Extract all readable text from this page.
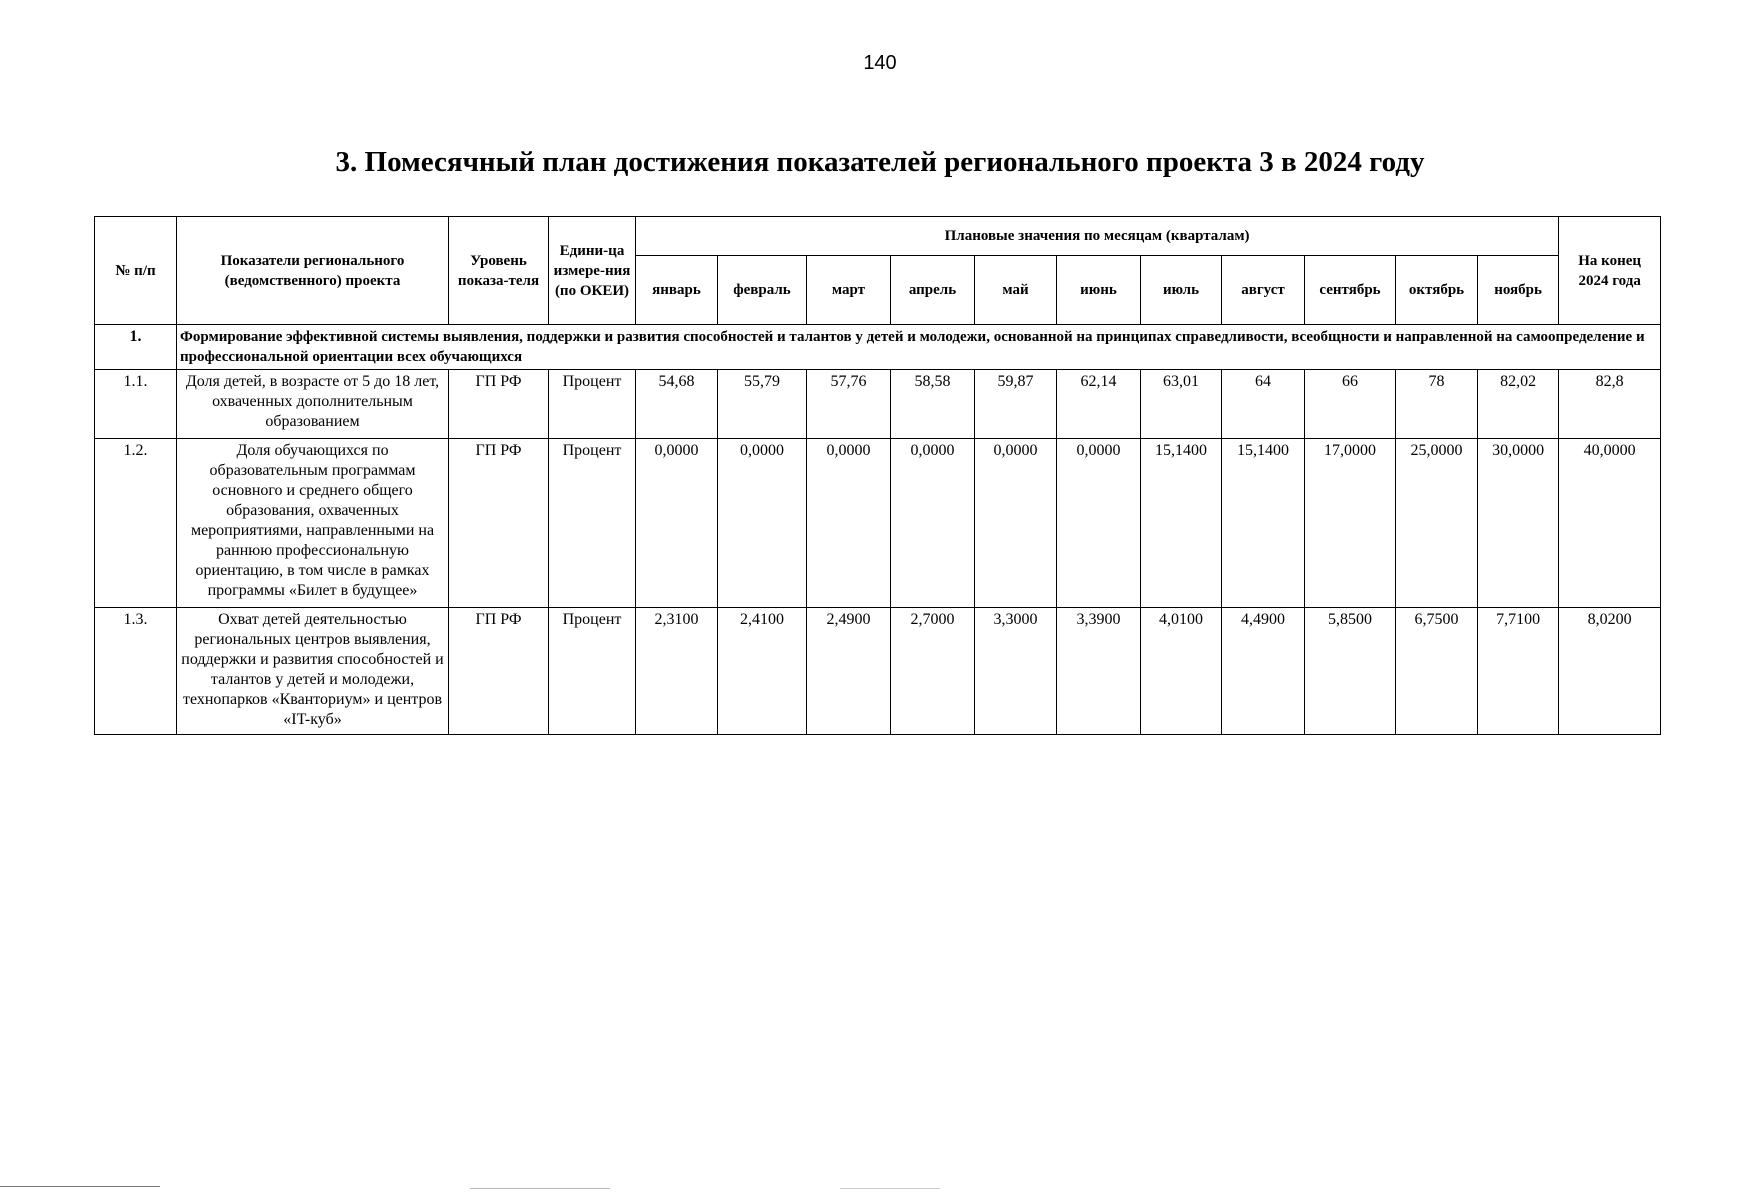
140
3. Помесячный план достижения показателей регионального проекта 3 в 2024 году
№ п/п	Показатели регионального (ведомственного) проекта	Уровень показа-теля	Едини-ца измере-ния (по ОКЕИ)	Плановые значения по месяцам (кварталам)											На конец 2024 года
				январь	февраль	март	апрель	май	июнь	июль	август	сентябрь	октябрь	ноябрь	
1.	Формирование эффективной системы выявления, поддержки и развития способностей и талантов у детей и молодежи, основанной на принципах справедливости, всеобщности и направленной на самоопределение и профессиональной ориентации всех обучающихся														
1.1.	Доля детей, в возрасте от 5 до 18 лет, охваченных дополнительным образованием	ГП РФ	Процент	54,68	55,79	57,76	58,58	59,87	62,14	63,01	64	66	78	82,02	82,8
1.2.	Доля обучающихся по образовательным программам основного и среднего общего образования, охваченных мероприятиями, направленными на раннюю профессиональную ориентацию, в том числе в рамках программы «Билет в будущее»	ГП РФ	Процент	0,0000	0,0000	0,0000	0,0000	0,0000	0,0000	15,1400	15,1400	17,0000	25,0000	30,0000	40,0000
1.3.	Охват детей деятельностью региональных центров выявления, поддержки и развития способностей и талантов у детей и молодежи, технопарков «Кванториум» и центров «IT-куб»	ГП РФ	Процент	2,3100	2,4100	2,4900	2,7000	3,3000	3,3900	4,0100	4,4900	5,8500	6,7500	7,7100	8,0200
